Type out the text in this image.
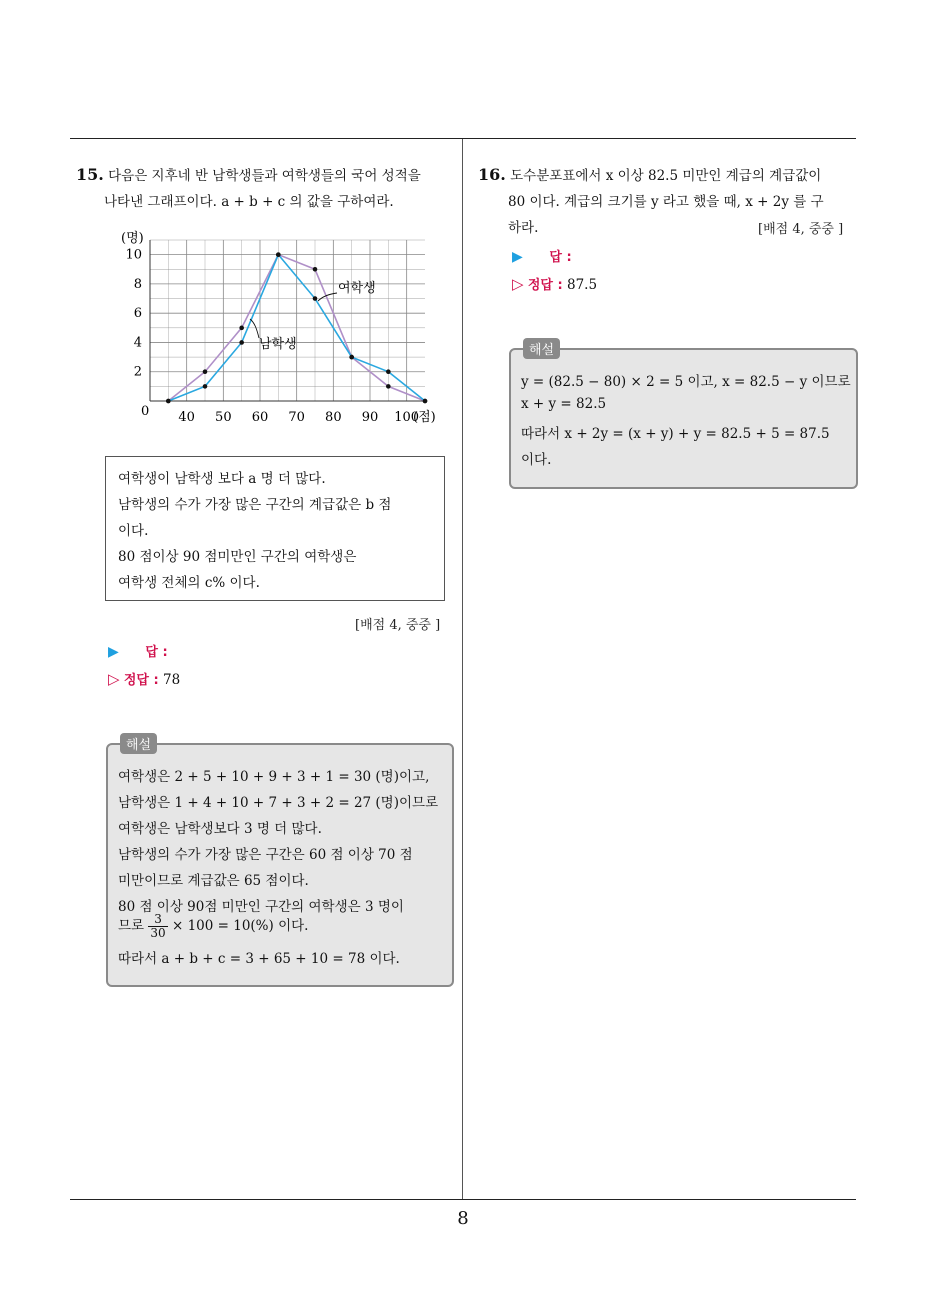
8
15. 다음은 지후네 반 남학생들과 여학생들의 국어 성적을
나타낸 그래프이다. a + b + c 의 값을 구하여라.
2
4
6
8
10
40 50 60 70 80 90 100
(명)
(점)
0
여학생
남학생
여학생이 남학생 보다 a 명 더 많다.
남학생의 수가 가장 많은 구간의 계급값은 b 점
이다.
80 점이상 90 점미만인 구간의 여학생은
여학생 전체의 c% 이다.
[배점 4, 중중 ]
▶ 답 :
▷ 정답 : 78
해설
여학생은 2 + 5 + 10 + 9 + 3 + 1 = 30 (명)이고,
남학생은 1 + 4 + 10 + 7 + 3 + 2 = 27 (명)이므로
여학생은 남학생보다 3 명 더 많다.
남학생의 수가 가장 많은 구간은 60 점 이상 70 점
미만이므로 계급값은 65 점이다.
80 점 이상 90점 미만인 구간의 여학생은 3 명이
므로 $\frac{3}{30} \times 100 = 10(\%)$ 이다.
따라서 a + b + c = 3 + 65 + 10 = 78 이다.
16. 도수분포표에서 x 이상 82.5 미만인 계급의 계급값이
80 이다. 계급의 크기를 y 라고 했을 때, x + 2y 를 구
하라.	[배점 4, 중중 ]
▶ 답 :
▷ 정답 : 87.5
해설
y = (82.5 − 80) × 2 = 5 이고, x = 82.5 − y 이므로
x + y = 82.5
따라서 x + 2y = (x + y) + y = 82.5 + 5 = 87.5
이다.
